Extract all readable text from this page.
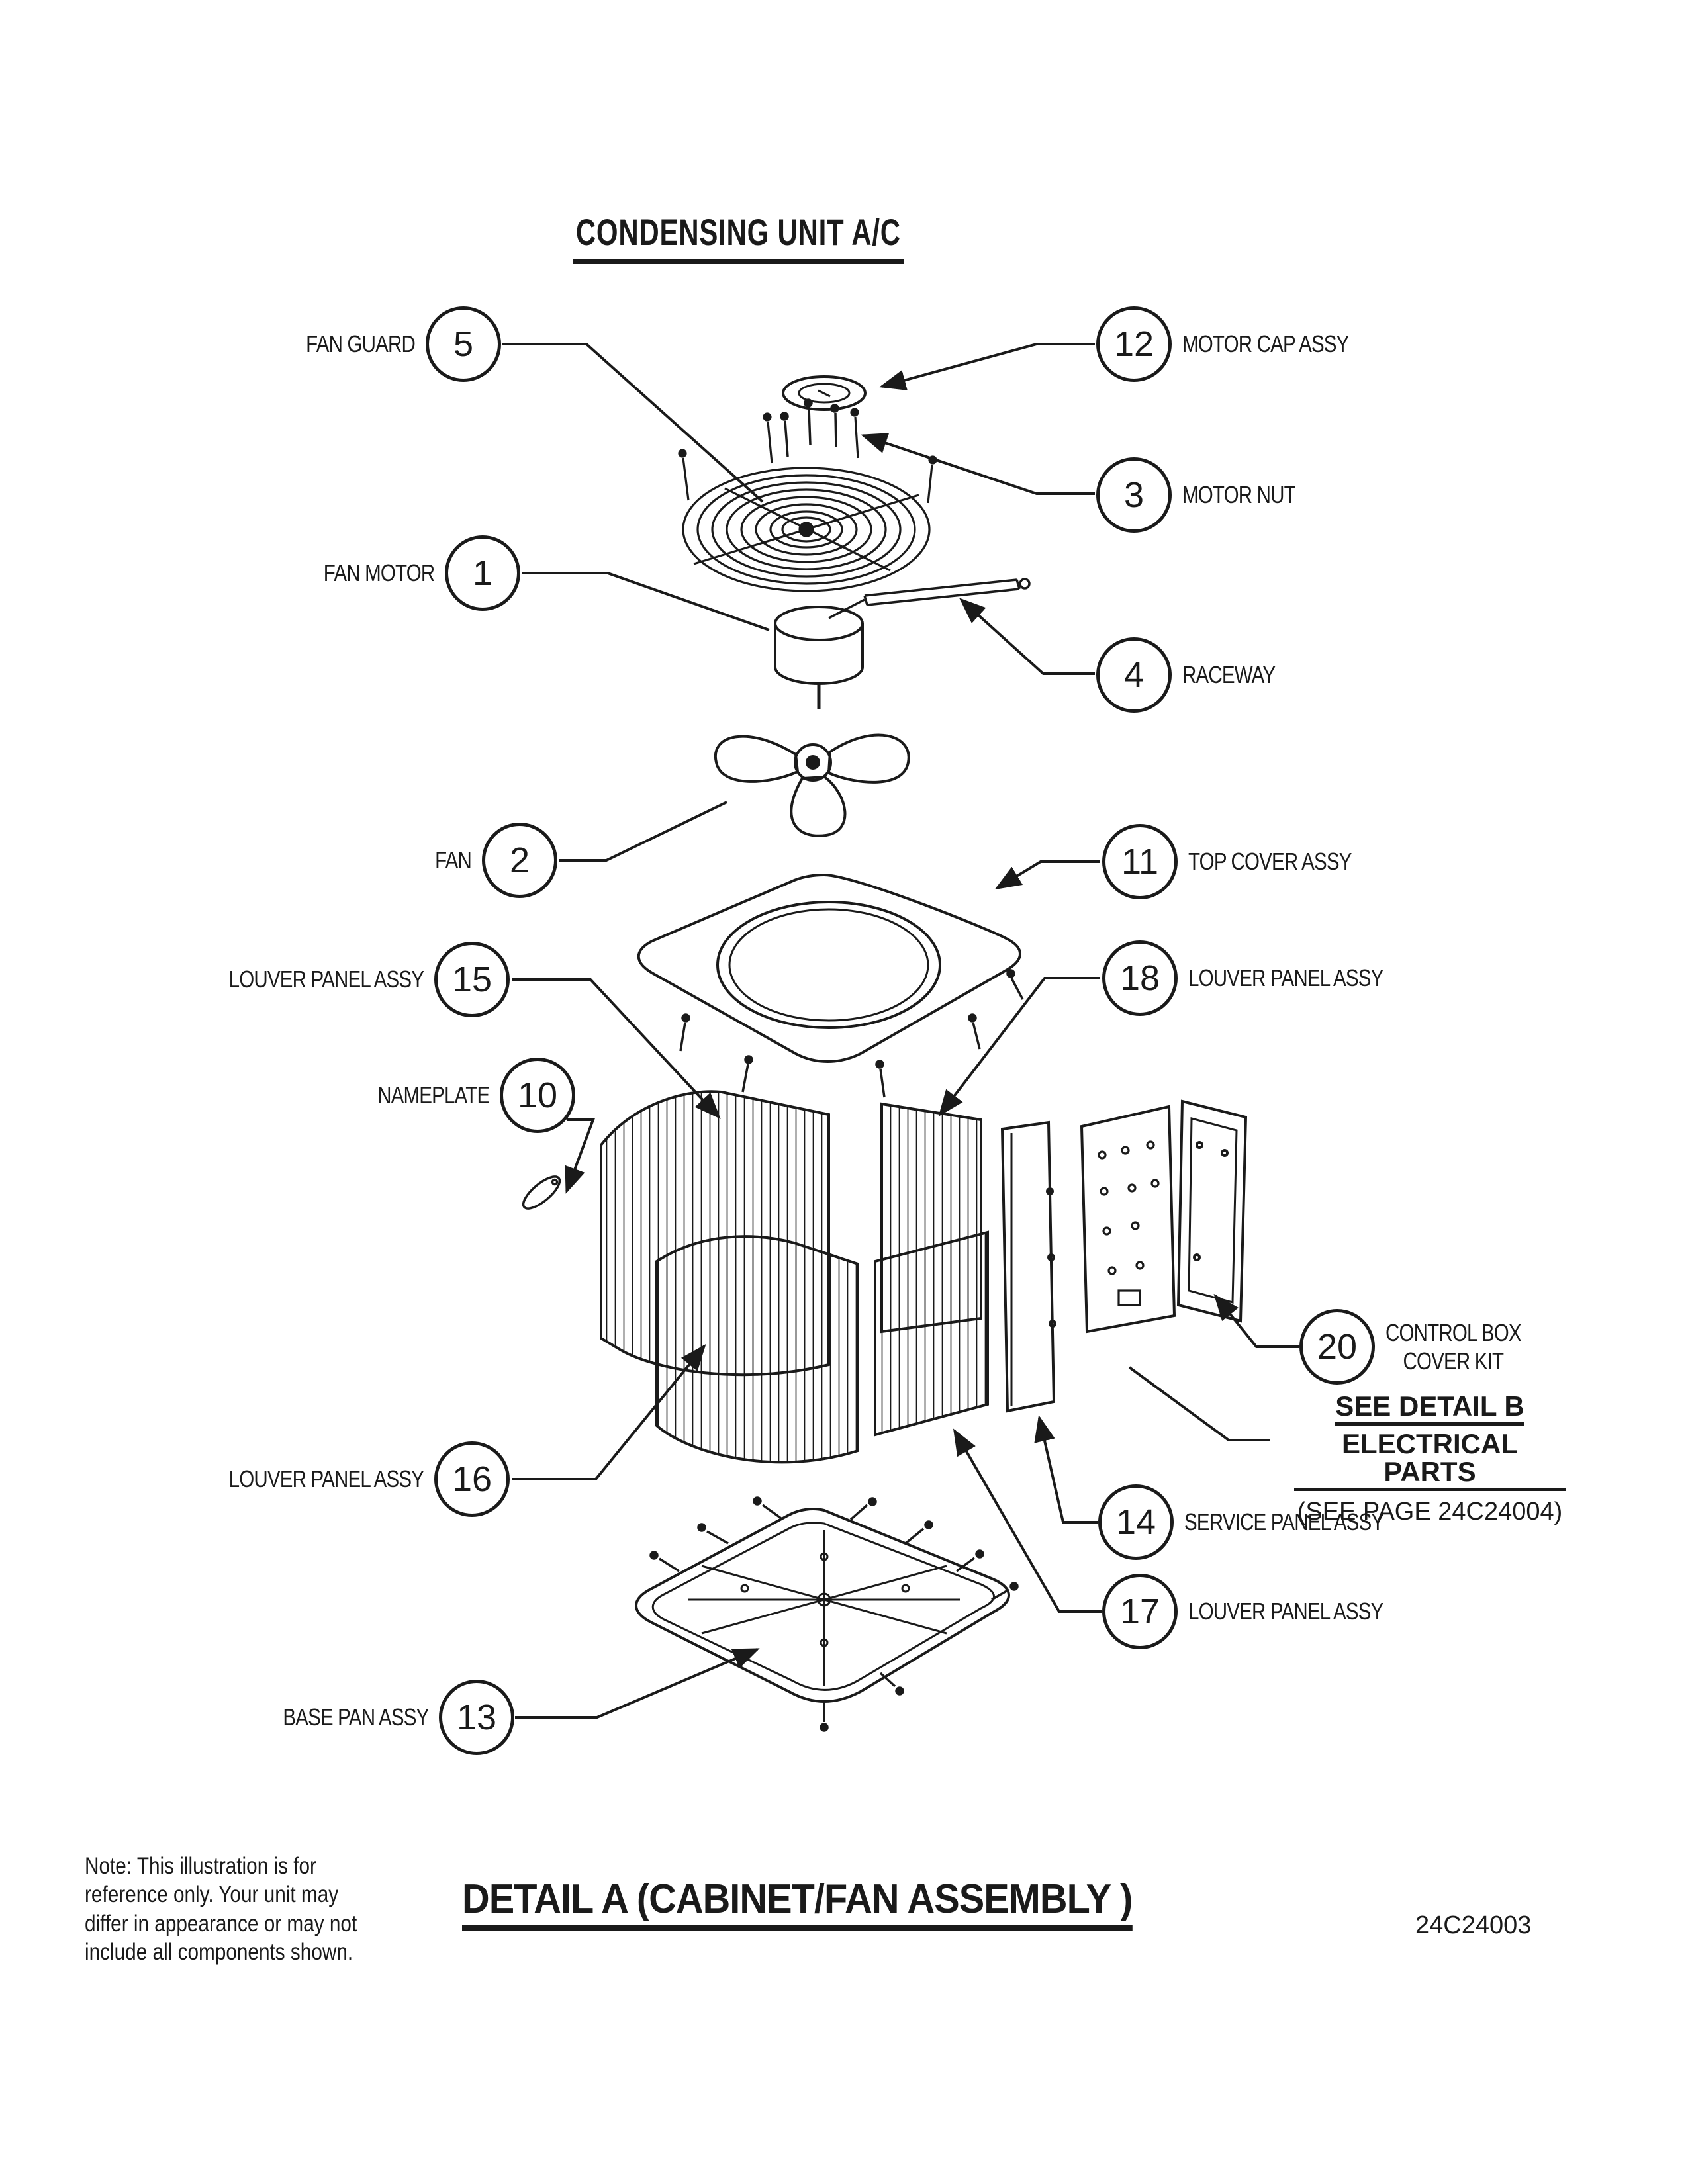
CONDENSING UNIT A/C
FAN GUARD	5	12	MOTOR CAP ASSY
3	MOTOR NUT
FAN MOTOR	1
4	RACEWAY
FAN	2	11	TOP COVER ASSY
LOUVER PANEL ASSY 15	18	LOUVER PANEL ASSY
NAMEPLATE 10
20	CONTROL BOX
COVER KIT
LOUVER PANEL ASSY 16
14	SERVICE PANEL ASSY
17	LOUVER PANEL ASSY
BASE PAN ASSY 13
SEE DETAIL B
ELECTRICAL PARTS
(SEE PAGE 24C24004)
Note: This illustration is for
reference only. Your unit may
differ in appearance or may not
include all components shown.
DETAIL A (CABINET/FAN ASSEMBLY )
24C24003
